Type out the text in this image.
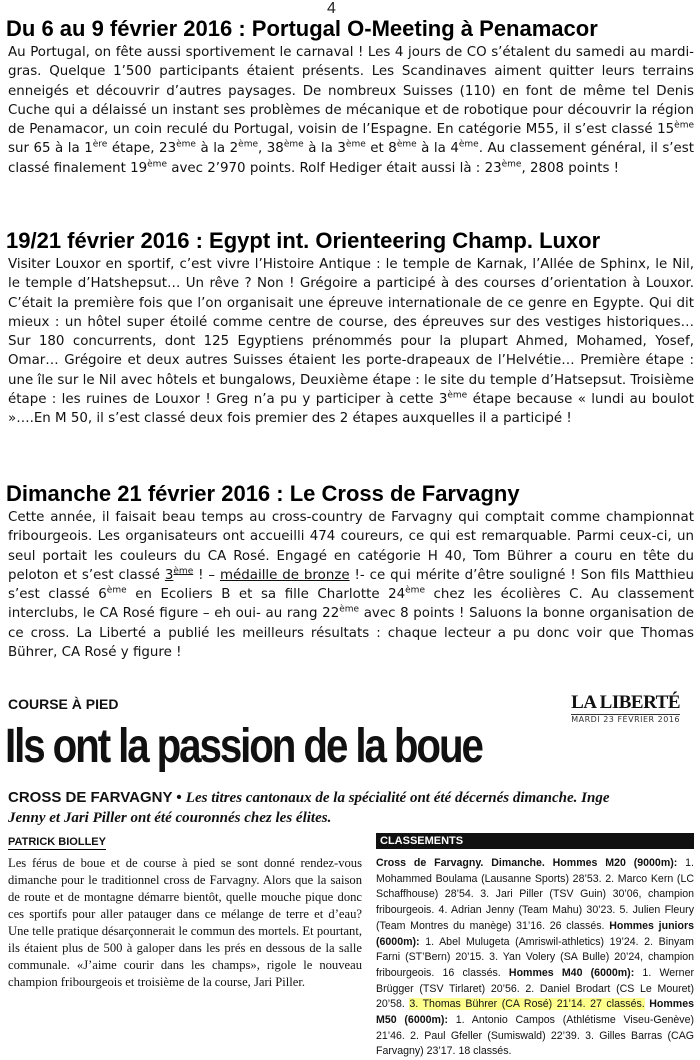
4
Du 6 au 9 février 2016 : Portugal O-Meeting à Penamacor

Au Portugal, on fête aussi sportivement le carnaval ! Les 4 jours de CO s’étalent du samedi au mardi-gras. Quelque 1’500 participants étaient présents. Les Scandinaves aiment quitter leurs terrains enneigés et découvrir d’autres paysages. De nombreux Suisses (110) en font de même tel Denis Cuche qui a délaissé un instant ses problèmes de mécanique et de robotique pour découvrir la région de Penamacor, un coin reculé du Portugal, voisin de l’Espagne. En catégorie M55, il s’est classé 15ème sur 65 à la 1ère étape, 23ème à la 2ème, 38ème à la 3ème et 8ème à la 4ème. Au classement général, il s’est classé finalement 19ème avec 2’970 points. Rolf Hediger était aussi là : 23ème, 2808 points !

19/21 février 2016 : Egypt int. Orienteering Champ. Luxor

Visiter Louxor en sportif, c’est vivre l’Histoire Antique : le temple de Karnak, l’Allée de Sphinx, le Nil, le temple d’Hatshepsut… Un rêve ? Non ! Grégoire a participé à des courses d’orientation à Louxor. C’était la première fois que l’on organisait une épreuve internationale de ce genre en Egypte. Qui dit mieux : un hôtel super étoilé comme centre de course, des épreuves sur des vestiges historiques… Sur 180 concurrents, dont 125 Egyptiens prénommés pour la plupart Ahmed, Mohamed, Yosef, Omar… Grégoire et deux autres Suisses étaient les porte-drapeaux de l’Helvétie… Première étape : une île sur le Nil avec hôtels et bungalows, Deuxième étape : le site du temple d’Hatsepsut. Troisième étape : les ruines de Louxor ! Greg n’a pu y participer à cette 3ème étape because « lundi au boulot »….En M 50, il s’est classé deux fois premier des 2 étapes auxquelles il a participé !

Dimanche 21 février 2016 : Le Cross de Farvagny

Cette année, il faisait beau temps au cross-country de Farvagny qui comptait comme championnat fribourgeois. Les organisateurs ont accueilli 474 coureurs, ce qui est remarquable. Parmi ceux-ci, un seul portait les couleurs du CA Rosé. Engagé en catégorie H 40, Tom Bührer a couru en tête du peloton et s’est classé 3ème ! – médaille de bronze !- ce qui mérite d’être souligné ! Son fils Matthieu s’est classé 6ème en Ecoliers B et sa fille Charlotte 24ème chez les écolières C. Au classement interclubs, le CA Rosé figure – eh oui- au rang 22ème avec 8 points ! Saluons la bonne organisation de ce cross. La Liberté a publié les meilleurs résultats : chaque lecteur a pu donc voir que Thomas Bührer, CA Rosé y figure !

LA LIBERTÉ
MARDI 23 FÉVRIER 2016
COURSE À PIED
Ils ont la passion de la boue
CROSS DE FARVAGNY • Les titres cantonaux de la spécialité ont été décernés dimanche. Inge Jenny et Jari Piller ont été couronnés chez les élites.
PATRICK BIOLLEY
Les férus de boue et de course à pied se sont donné rendez-vous dimanche pour le traditionnel cross de Farvagny. Alors que la saison de route et de montagne démarre bientôt, quelle mouche pique donc ces sportifs pour aller patauger dans ce mélange de terre et d’eau? Une telle pratique désarçonnerait le commun des mortels. Et pourtant, ils étaient plus de 500 à galoper dans les prés en dessous de la salle communale. «J’aime courir dans les champs», rigole le nouveau champion fribourgeois et troisième de la course, Jari Piller.
CLASSEMENTS
Cross de Farvagny. Dimanche. Hommes M20 (9000m): 1. Mohammed Boulama (Lausanne Sports) 28’53. 2. Marco Kern (LC Schaffhouse) 28’54. 3. Jari Piller (TSV Guin) 30’06, champion fribourgeois. 4. Adrian Jenny (Team Mahu) 30’23. 5. Julien Fleury (Team Montres du manège) 31’16. 26 classés. Hommes juniors (6000m): 1. Abel Mulugeta (Amriswil-athletics) 19’24. 2. Binyam Farni (ST’Bern) 20’15. 3. Yan Volery (SA Bulle) 20’24, champion fribourgeois. 16 classés. Hommes M40 (6000m): 1. Werner Brügger (TSV Tirlaret) 20’56. 2. Daniel Brodart (CS Le Mouret) 20’58. 3. Thomas Bührer (CA Rosé) 21’14. 27 classés. Hommes M50 (6000m): 1. Antonio Campos (Athlétisme Viseu-Genève) 21’46. 2. Paul Gfeller (Sumiswald) 22’39. 3. Gilles Barras (CAG Farvagny) 23’17. 18 classés.
